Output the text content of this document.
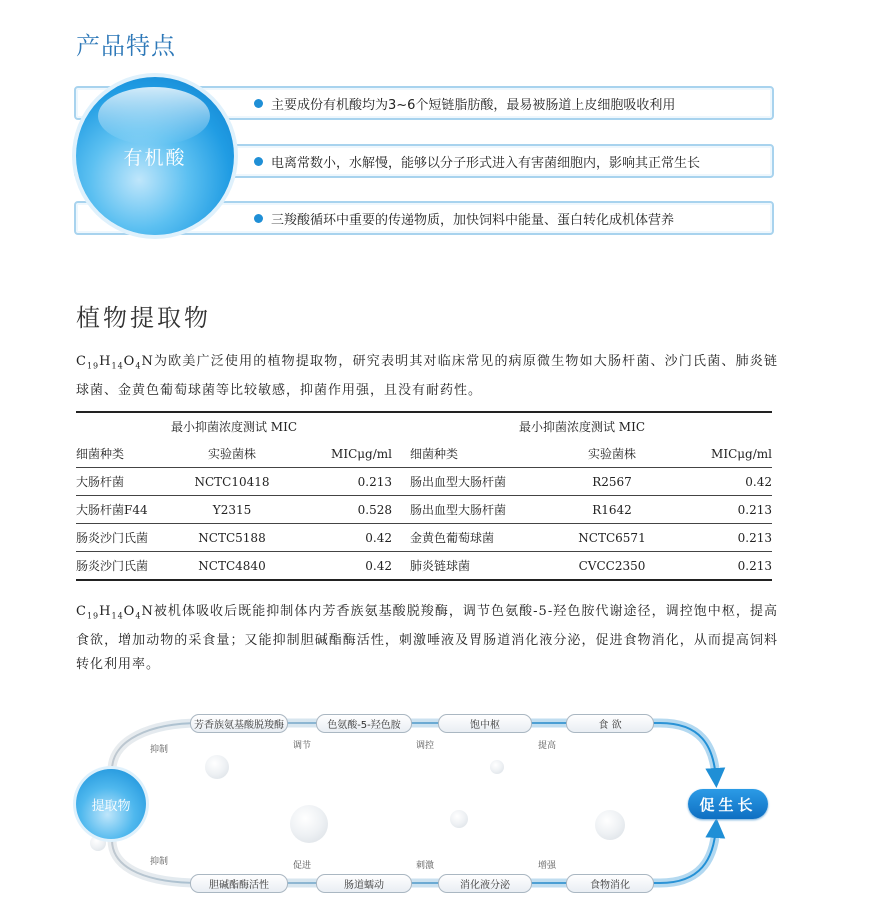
产品特点
主要成份有机酸均为3~6个短链脂肪酸，最易被肠道上皮细胞吸收利用
电离常数小，水解慢，能够以分子形式进入有害菌细胞内，影响其正常生长
三羧酸循环中重要的传递物质，加快饲料中能量、蛋白转化成机体营养
有机酸
植物提取物
$C_{19}H_{14}O_4N$为欧美广泛使用的植物提取物，研究表明其对临床常见的病原微生物如大肠杆菌、沙门氏菌、肺炎链球菌、金黄色葡萄球菌等比较敏感，抑菌作用强，且没有耐药性。
最小抑菌浓度测试 MIC			最小抑菌浓度测试 MIC		
细菌种类	实验菌株	MICμg/ml	细菌种类	实验菌株	MICμg/ml
大肠杆菌	NCTC10418	0.213	肠出血型大肠杆菌	R2567	0.42
大肠杆菌F44	Y2315	0.528	肠出血型大肠杆菌	R1642	0.213
肠炎沙门氏菌	NCTC5188	0.42	金黄色葡萄球菌	NCTC6571	0.213
肠炎沙门氏菌	NCTC4840	0.42	肺炎链球菌	CVCC2350	0.213
$C_{19}H_{14}O_4N$被机体吸收后既能抑制体内芳香族氨基酸脱羧酶，调节色氨酸-5-羟色胺代谢途径，调控饱中枢，提高食欲，增加动物的采食量；又能抑制胆碱酯酶活性，刺激唾液及胃肠道消化液分泌，促进食物消化，从而提高饲料转化利用率。
芳香族氨基酸脱羧酶	色氨酸-5-羟色胺	饱中枢	食 欲
抑制	调节	调控	提高
胆碱酯酶活性	肠道蠕动	消化液分泌	食物消化
抑制	促进	刺激	增强
提取物	促生长
